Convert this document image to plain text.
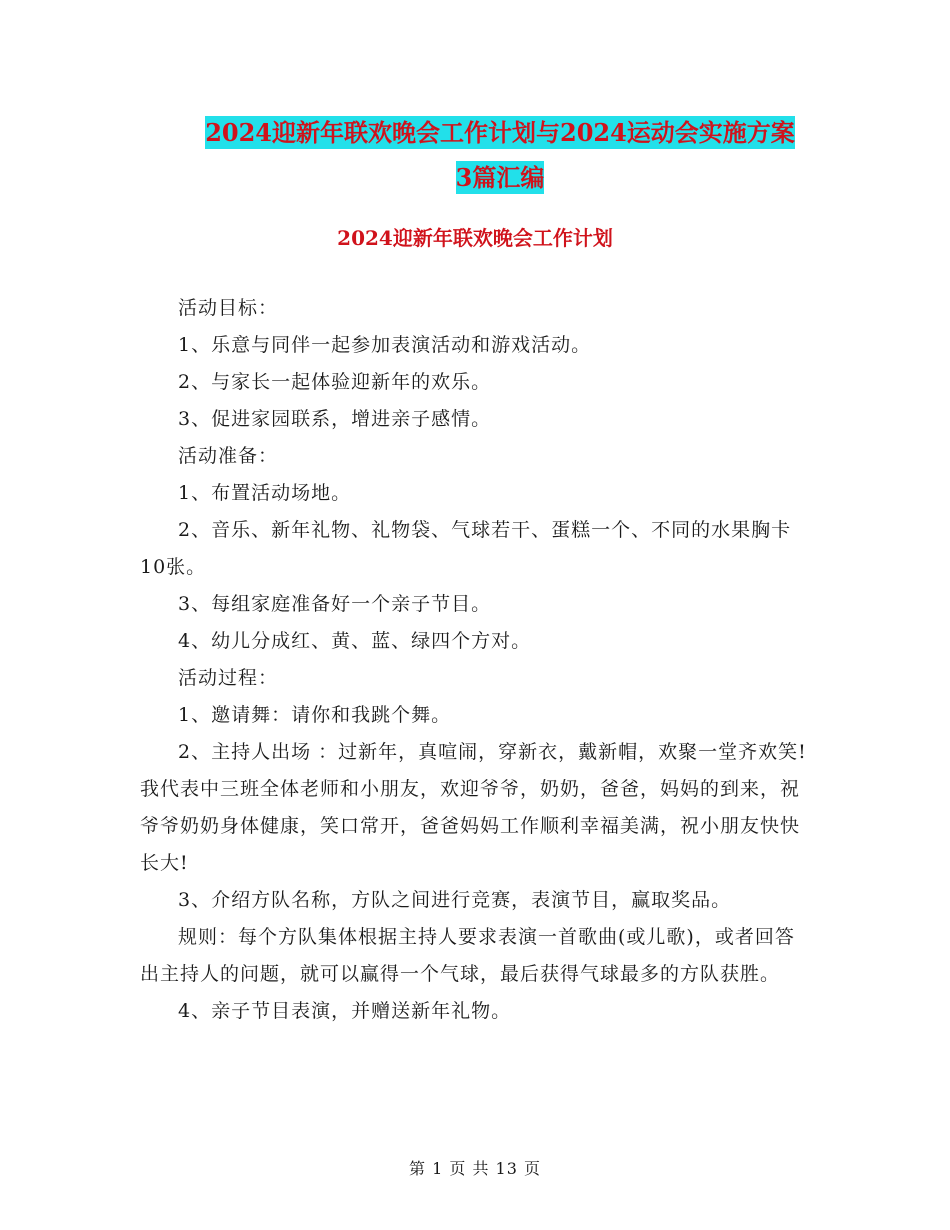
2024迎新年联欢晚会工作计划与2024运动会实施方案
3篇汇编
2024迎新年联欢晚会工作计划

活动目标：

1、乐意与同伴一起参加表演活动和游戏活动。

2、与家长一起体验迎新年的欢乐。

3、促进家园联系，增进亲子感情。

活动准备：

1、布置活动场地。

2、音乐、新年礼物、礼物袋、气球若干、蛋糕一个、不同的水果胸卡10张。

3、每组家庭准备好一个亲子节目。

4、幼儿分成红、黄、蓝、绿四个方对。

活动过程：

1、邀请舞：请你和我跳个舞。

2、主持人出场 ：过新年，真喧闹，穿新衣，戴新帽，欢聚一堂齐欢笑!我代表中三班全体老师和小朋友，欢迎爷爷，奶奶，爸爸，妈妈的到来，祝爷爷奶奶身体健康，笑口常开，爸爸妈妈工作顺利幸福美满，祝小朋友快快长大!

3、介绍方队名称，方队之间进行竞赛，表演节目，赢取奖品。

规则：每个方队集体根据主持人要求表演一首歌曲(或儿歌)，或者回答出主持人的问题，就可以赢得一个气球，最后获得气球最多的方队获胜。

4、亲子节目表演，并赠送新年礼物。

第 1 页 共 13 页
